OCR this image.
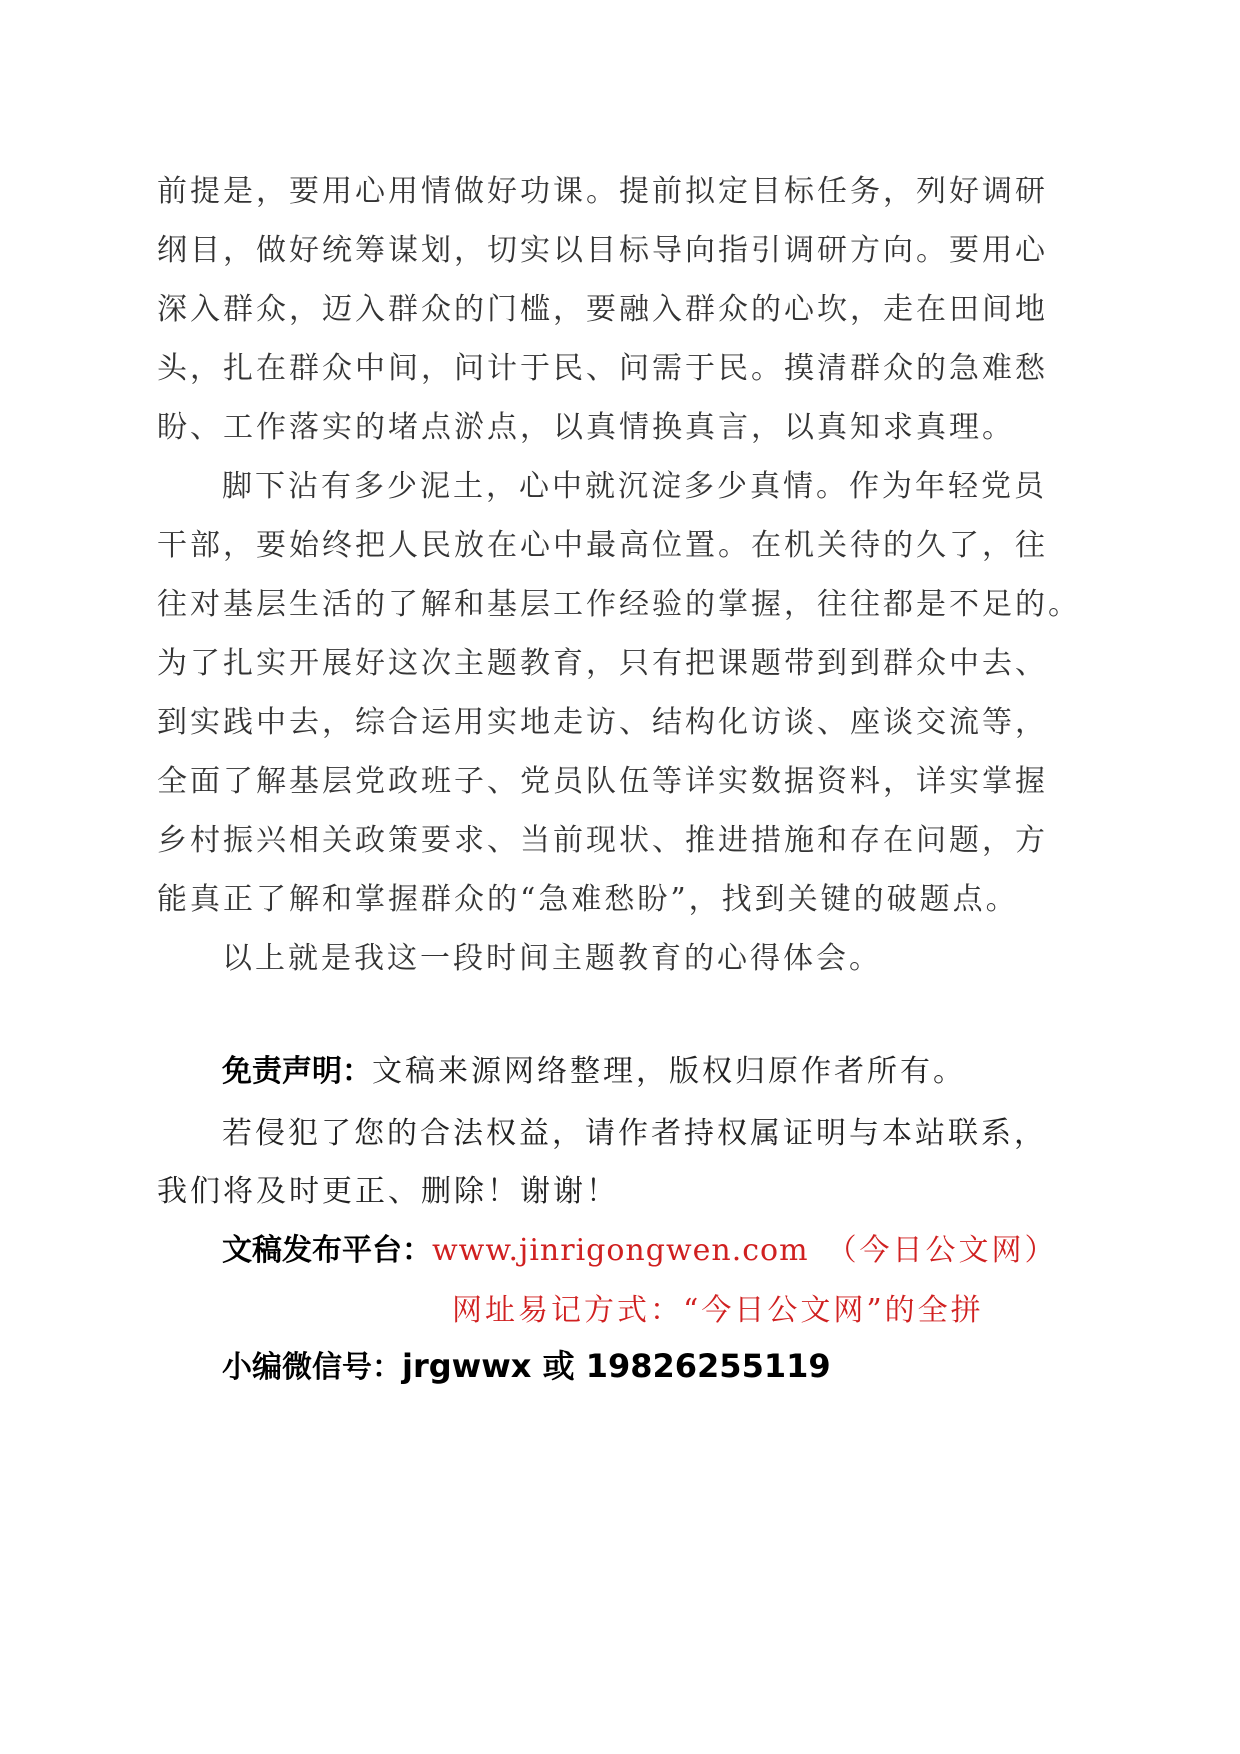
前提是，要用心用情做好功课。提前拟定目标任务，列好调研
纲目，做好统筹谋划，切实以目标导向指引调研方向。要用心
深入群众，迈入群众的门槛，要融入群众的心坎，走在田间地
头，扎在群众中间，问计于民、问需于民。摸清群众的急难愁
盼、工作落实的堵点淤点，以真情换真言，以真知求真理。
脚下沾有多少泥土，心中就沉淀多少真情。作为年轻党员
干部，要始终把人民放在心中最高位置。在机关待的久了，往
往对基层生活的了解和基层工作经验的掌握，往往都是不足的。
为了扎实开展好这次主题教育，只有把课题带到到群众中去、
到实践中去，综合运用实地走访、结构化访谈、座谈交流等，
全面了解基层党政班子、党员队伍等详实数据资料，详实掌握
乡村振兴相关政策要求、当前现状、推进措施和存在问题，方
能真正了解和掌握群众的“急难愁盼”，找到关键的破题点。
以上就是我这一段时间主题教育的心得体会。
免责声明：文稿来源网络整理，版权归原作者所有。
若侵犯了您的合法权益，请作者持权属证明与本站联系，
我们将及时更正、删除！谢谢！
文稿发布平台：www.jinrigongwen.com （今日公文网）
网址易记方式：“今日公文网”的全拼
小编微信号：jrgwwx 或 19826255119
